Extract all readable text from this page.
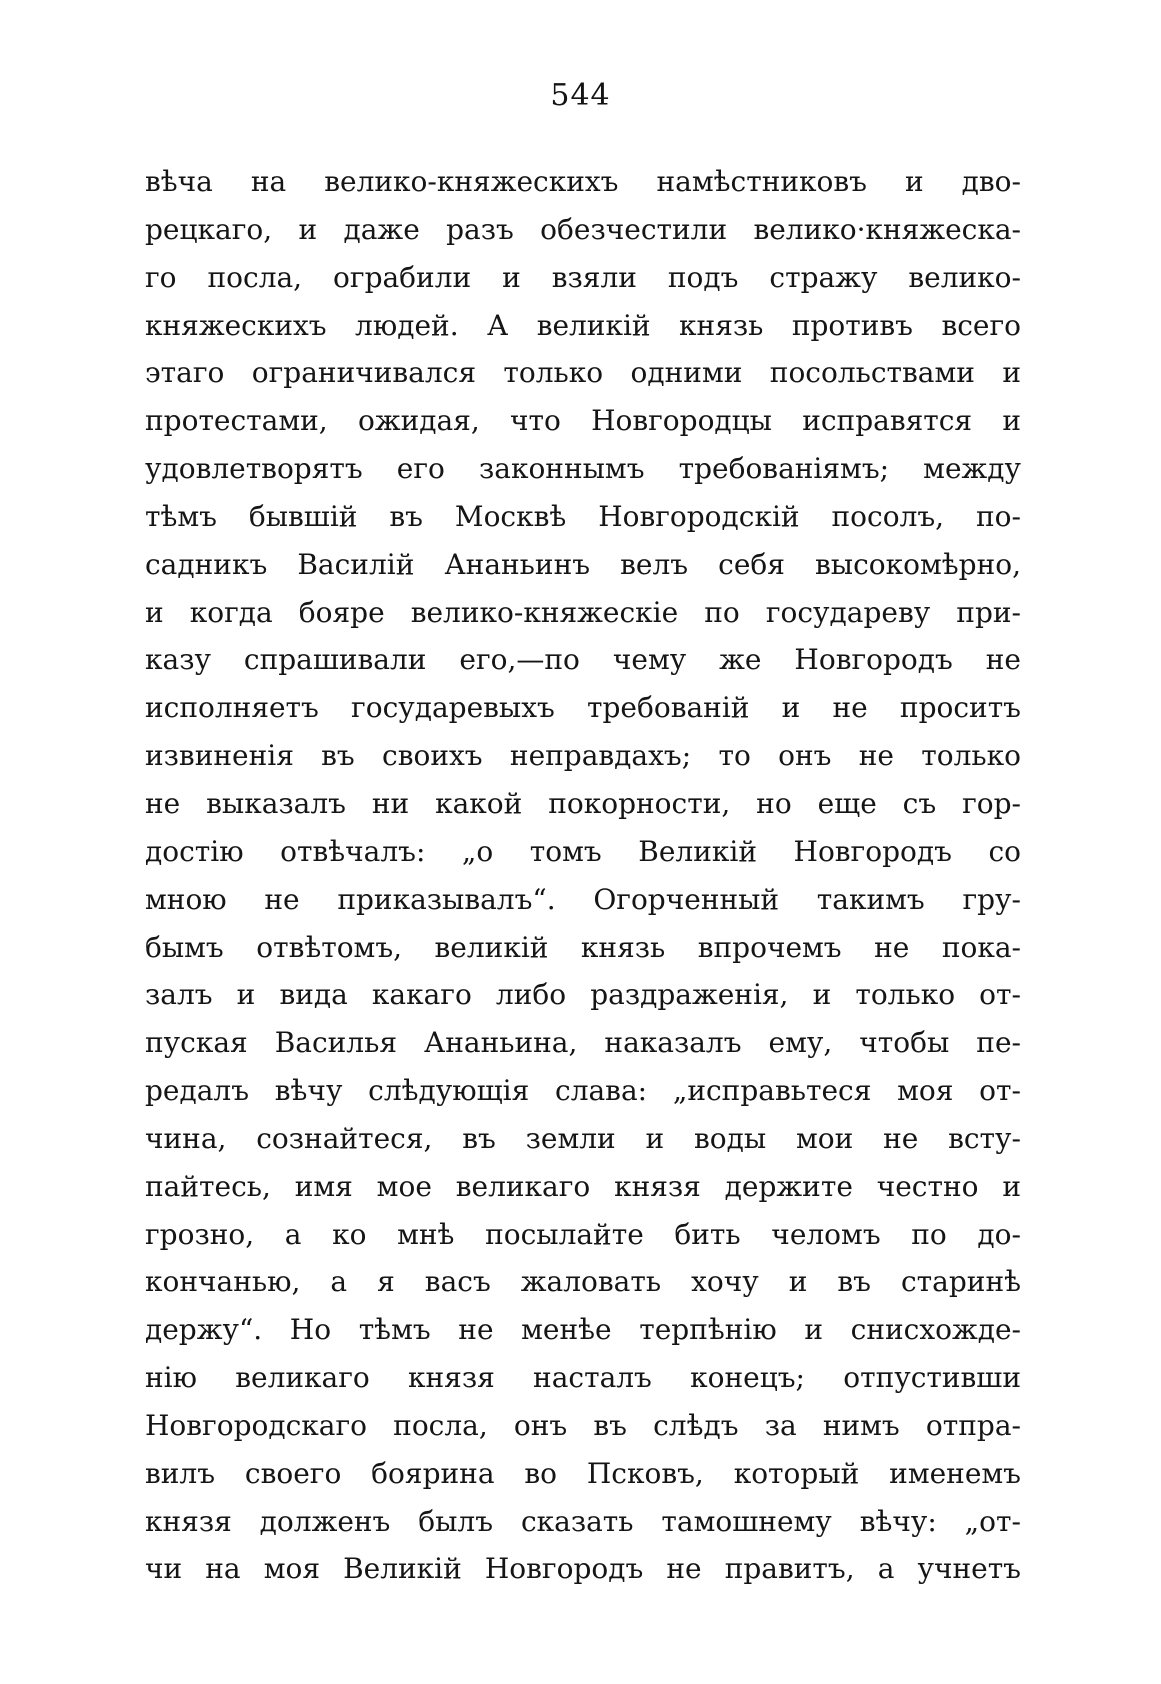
544
вѣча на велико-княжескихъ намѣстниковъ и дво-
рецкаго, и даже разъ обезчестили велико·княжеска-
го посла, ограбили и взяли подъ стражу велико-
княжескихъ людей. А великій князь противъ всего
этаго ограничивался только одними посольствами и
протестами, ожидая, что Новгородцы исправятся и
удовлетворятъ его законнымъ требованіямъ; между
тѣмъ бывшій въ Москвѣ Новгородскій посолъ, по-
садникъ Василій Ананьинъ велъ себя высокомѣрно,
и когда бояре велико-княжескіе по государеву при-
казу спрашивали его,—по чему же Новгородъ не
исполняетъ государевыхъ требованій и не проситъ
извиненія въ своихъ неправдахъ; то онъ не только
не выказалъ ни какой покорности, но еще съ гор-
достію отвѣчалъ: „о томъ Великій Новгородъ со
мною не приказывалъ“. Огорченный такимъ гру-
бымъ отвѣтомъ, великій князь впрочемъ не пока-
залъ и вида какаго либо раздраженія, и только от-
пуская Василья Ананьина, наказалъ ему, чтобы пе-
редалъ вѣчу слѣдующія слава: „исправьтеся моя от-
чина, сознайтеся, въ земли и воды мои не всту-
пайтесь, имя мое великаго князя держите честно и
грозно, а ко мнѣ посылайте бить челомъ по до-
кончанью, а я васъ жаловать хочу и въ старинѣ
держу“. Но тѣмъ не менѣе терпѣнію и снисхожде-
нію великаго князя насталъ конецъ; отпустивши
Новгородскаго посла, онъ въ слѣдъ за нимъ отпра-
вилъ своего боярина во Псковъ, который именемъ
князя долженъ былъ сказать тамошнему вѣчу: „от-
чи на моя Великій Новгородъ не правитъ, а учнетъ
